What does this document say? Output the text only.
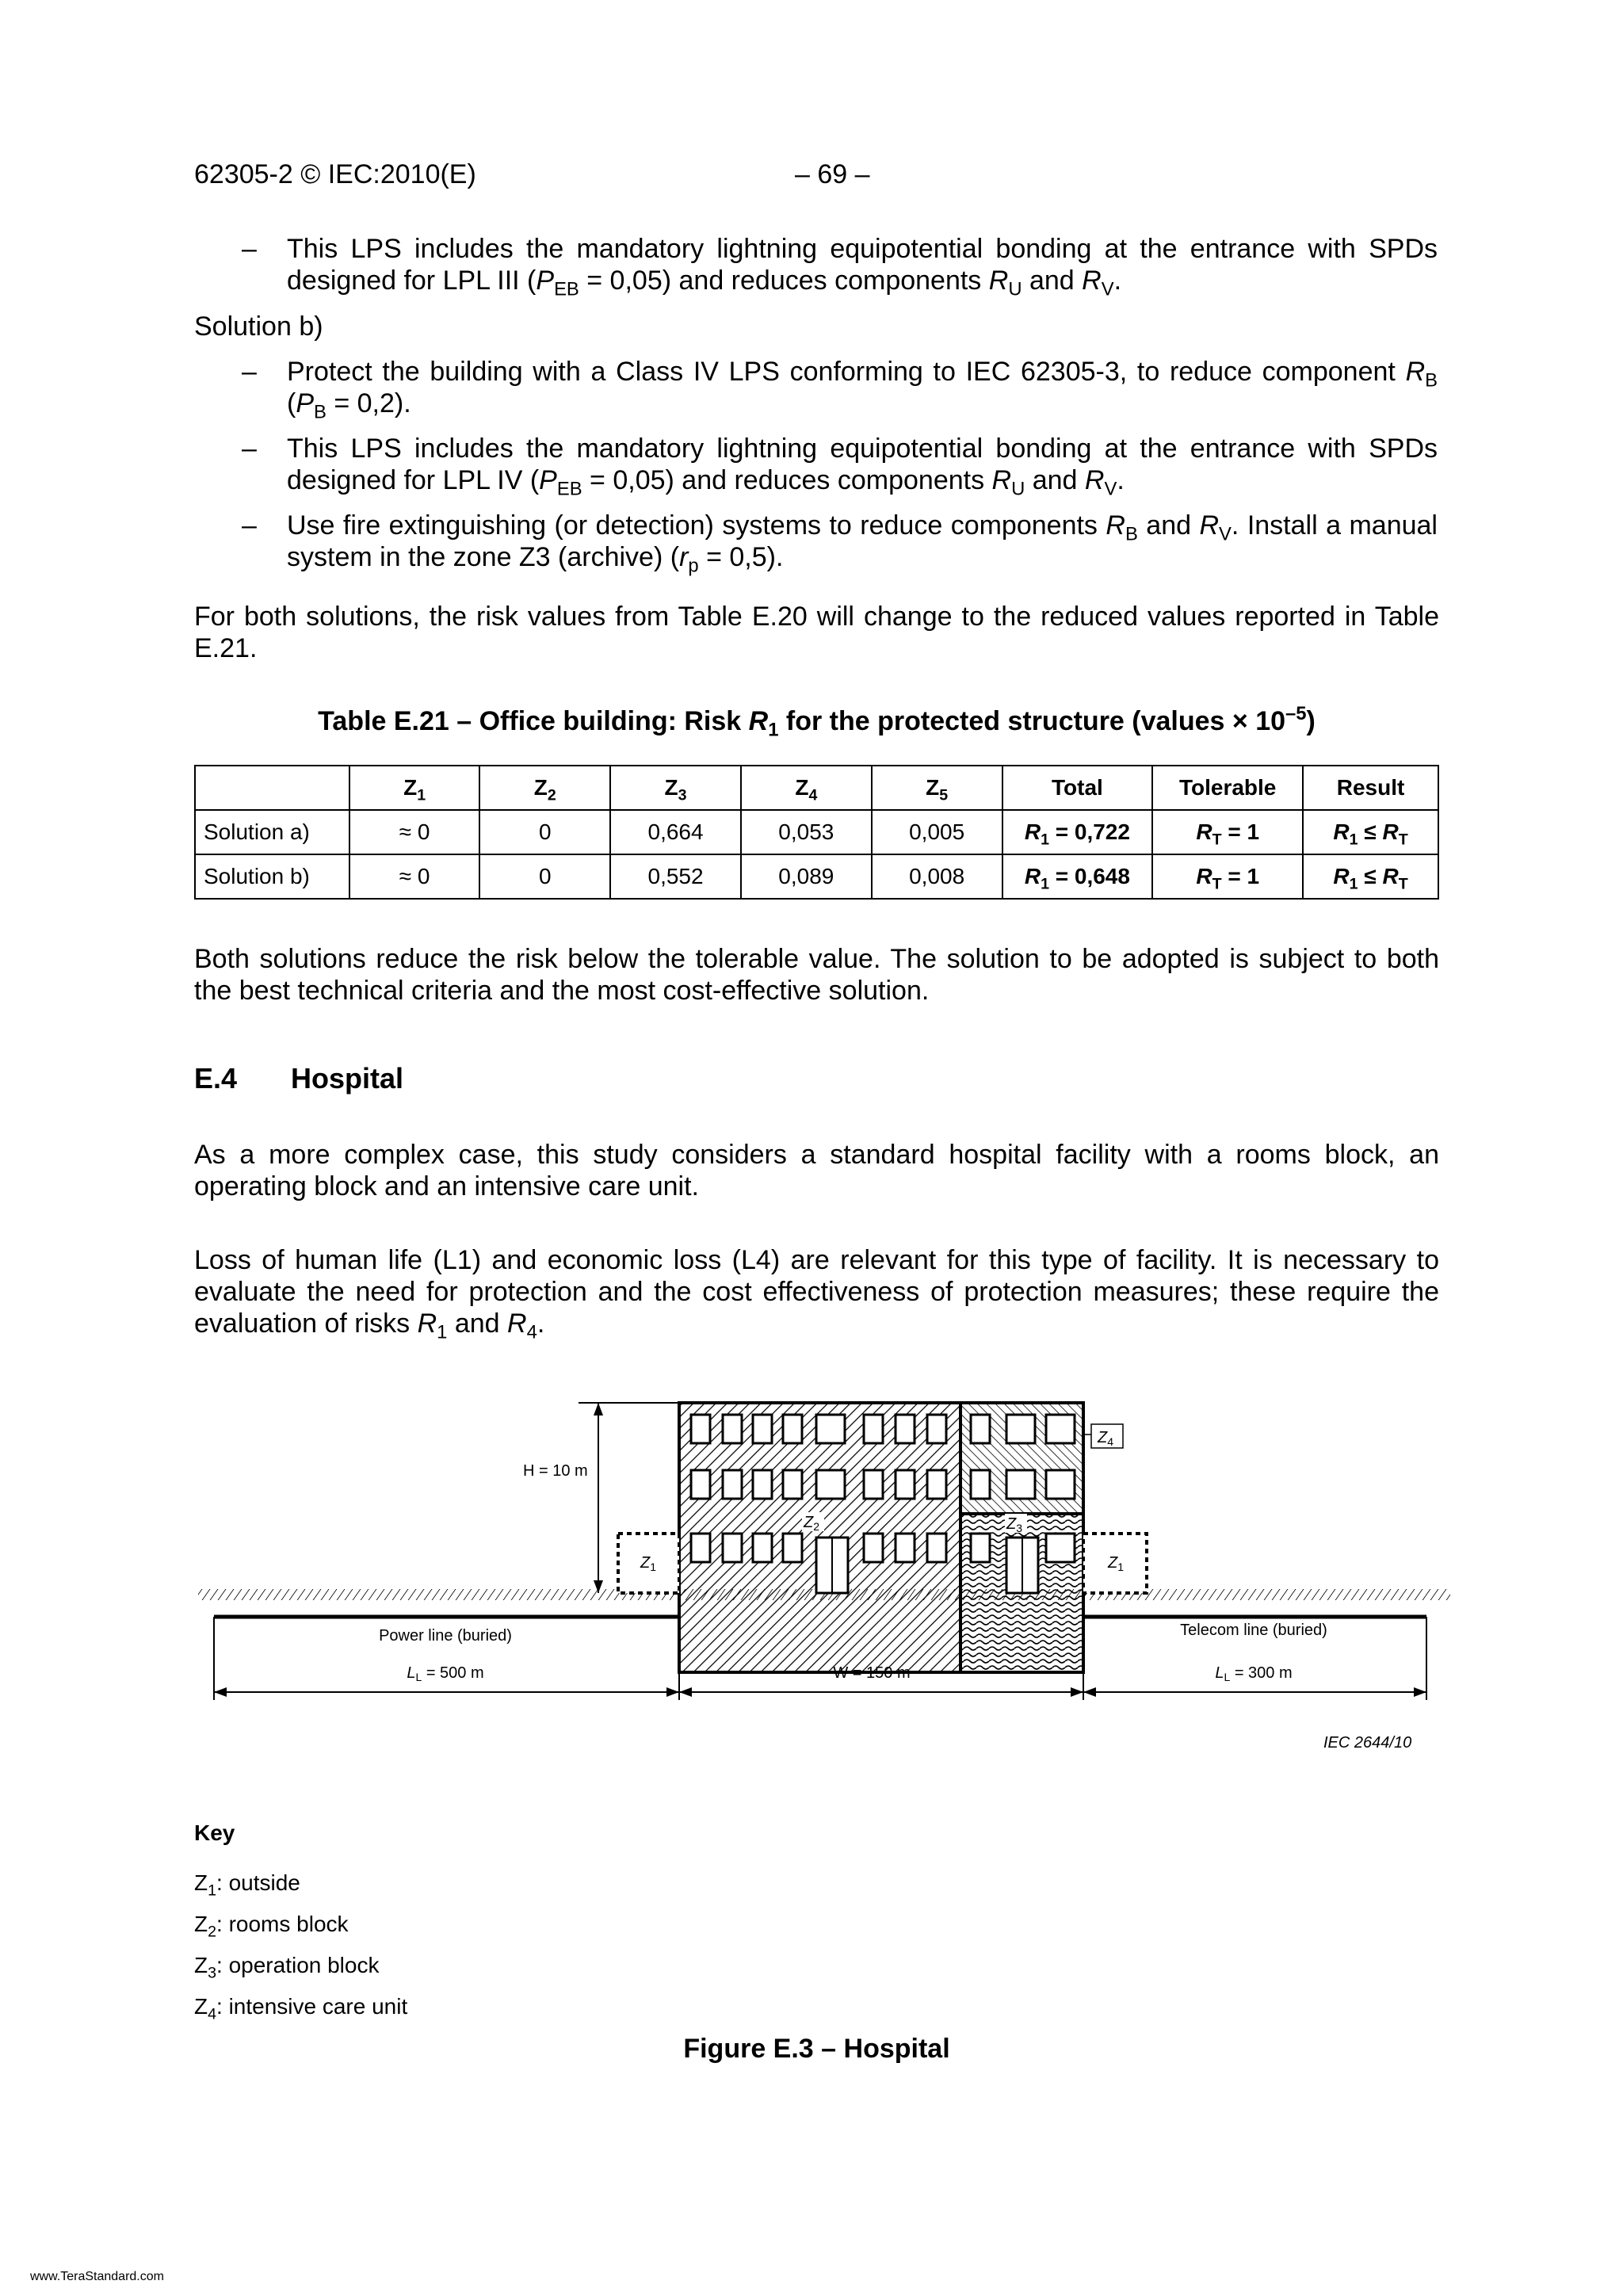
62305-2 © IEC:2010(E)	– 69 –
– This LPS includes the mandatory lightning equipotential bonding at the entrance with SPDs designed for LPL III $(P_{EB} = 0,05)$ and reduces components $R_U$ and $R_V$.
Solution b)
– Protect the building with a Class IV LPS conforming to IEC 62305-3, to reduce component $R_B$ $(P_B = 0,2)$.
– This LPS includes the mandatory lightning equipotential bonding at the entrance with SPDs designed for LPL IV $(P_{EB} = 0,05)$ and reduces components $R_U$ and $R_V$.
– Use fire extinguishing (or detection) systems to reduce components $R_B$ and $R_V$. Install a manual system in the zone Z3 (archive) $(r_p = 0,5)$.
For both solutions, the risk values from Table E.20 will change to the reduced values reported in Table E.21.
Table E.21 – Office building: Risk $R_1$ for the protected structure (values × $10^{-5}$)
	$Z_1$	$Z_2$	$Z_3$	$Z_4$	$Z_5$	Total	Tolerable	Result
Solution a)	≈ 0	0	0,664	0,053	0,005	$R_1 = 0,722$	$R_T = 1$	$R_1 \le R_T$
Solution b)	≈ 0	0	0,552	0,089	0,008	$R_1 = 0,648$	$R_T = 1$	$R_1 \le R_T$
Both solutions reduce the risk below the tolerable value. The solution to be adopted is subject to both the best technical criteria and the most cost-effective solution.
E.4 Hospital
As a more complex case, this study considers a standard hospital facility with a rooms block, an operating block and an intensive care unit.
Loss of human life (L1) and economic loss (L4) are relevant for this type of facility. It is necessary to evaluate the need for protection and the cost effectiveness of protection measures; these require the evaluation of risks $R_1$ and $R_4$.
H = 10 m
Power line (buried)	Telecom line (buried)
$L_L = 500$ m	W = 150 m	$L_L = 300$ m
$Z_1$	$Z_1$
$Z_2$	$Z_3$
$Z_4$
IEC 2644/10
Key
$Z_1$: outside
$Z_2$: rooms block
$Z_3$: operation block
$Z_4$: intensive care unit
Figure E.3 – Hospital
www.TeraStandard.com
